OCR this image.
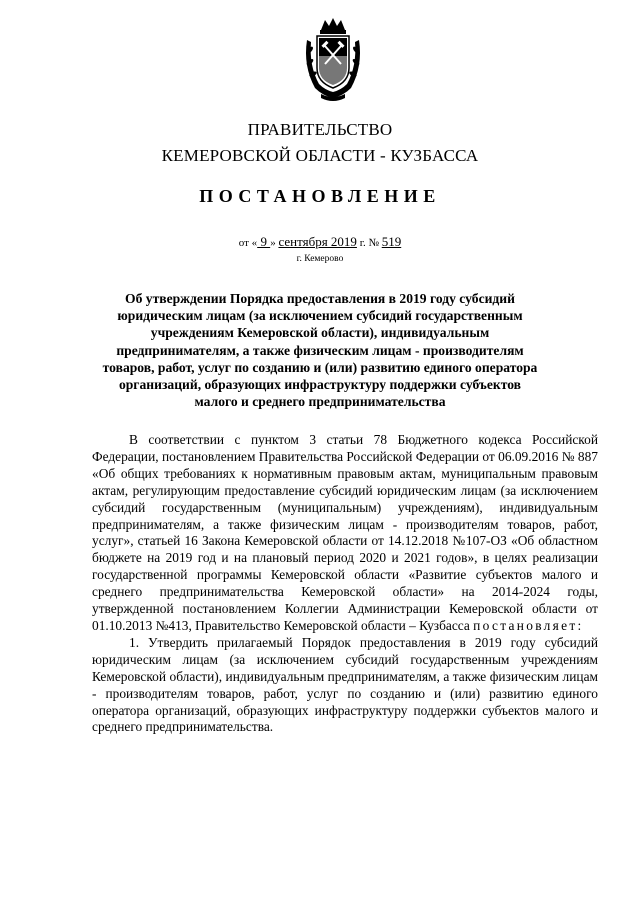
ПРАВИТЕЛЬСТВО
КЕМЕРОВСКОЙ ОБЛАСТИ - КУЗБАССА
ПОСТАНОВЛЕНИЕ
от « 9 » сентября 2019 г. № 519
г. Кемерово
Об утверждении Порядка предоставления в 2019 году субсидий юридическим лицам (за исключением субсидий государственным учреждениям Кемеровской области), индивидуальным предпринимателям, а также физическим лицам - производителям товаров, работ, услуг по созданию и (или) развитию единого оператора организаций, образующих инфраструктуру поддержки субъектов малого и среднего предпринимательства

В соответствии с пунктом 3 статьи 78 Бюджетного кодекса Российской Федерации, постановлением Правительства Российской Федерации от 06.09.2016 № 887 «Об общих требованиях к нормативным правовым актам, муниципальным правовым актам, регулирующим предоставление субсидий юридическим лицам (за исключением субсидий государственным (муниципальным) учреждениям), индивидуальным предпринимателям, а также физическим лицам - производителям товаров, работ, услуг», статьей 16 Закона Кемеровской области от 14.12.2018 №107-ОЗ «Об областном бюджете на 2019 год и на плановый период 2020 и 2021 годов», в целях реализации государственной программы Кемеровской области «Развитие субъектов малого и среднего предпринимательства Кемеровской области» на 2014-2024 годы, утвержденной постановлением Коллегии Администрации Кемеровской области от 01.10.2013 №413, Правительство Кемеровской области – Кузбасса постановляет:

1. Утвердить прилагаемый Порядок предоставления в 2019 году субсидий юридическим лицам (за исключением субсидий государственным учреждениям Кемеровской области), индивидуальным предпринимателям, а также физическим лицам - производителям товаров, работ, услуг по созданию и (или) развитию единого оператора организаций, образующих инфраструктуру поддержки субъектов малого и среднего предпринимательства.
